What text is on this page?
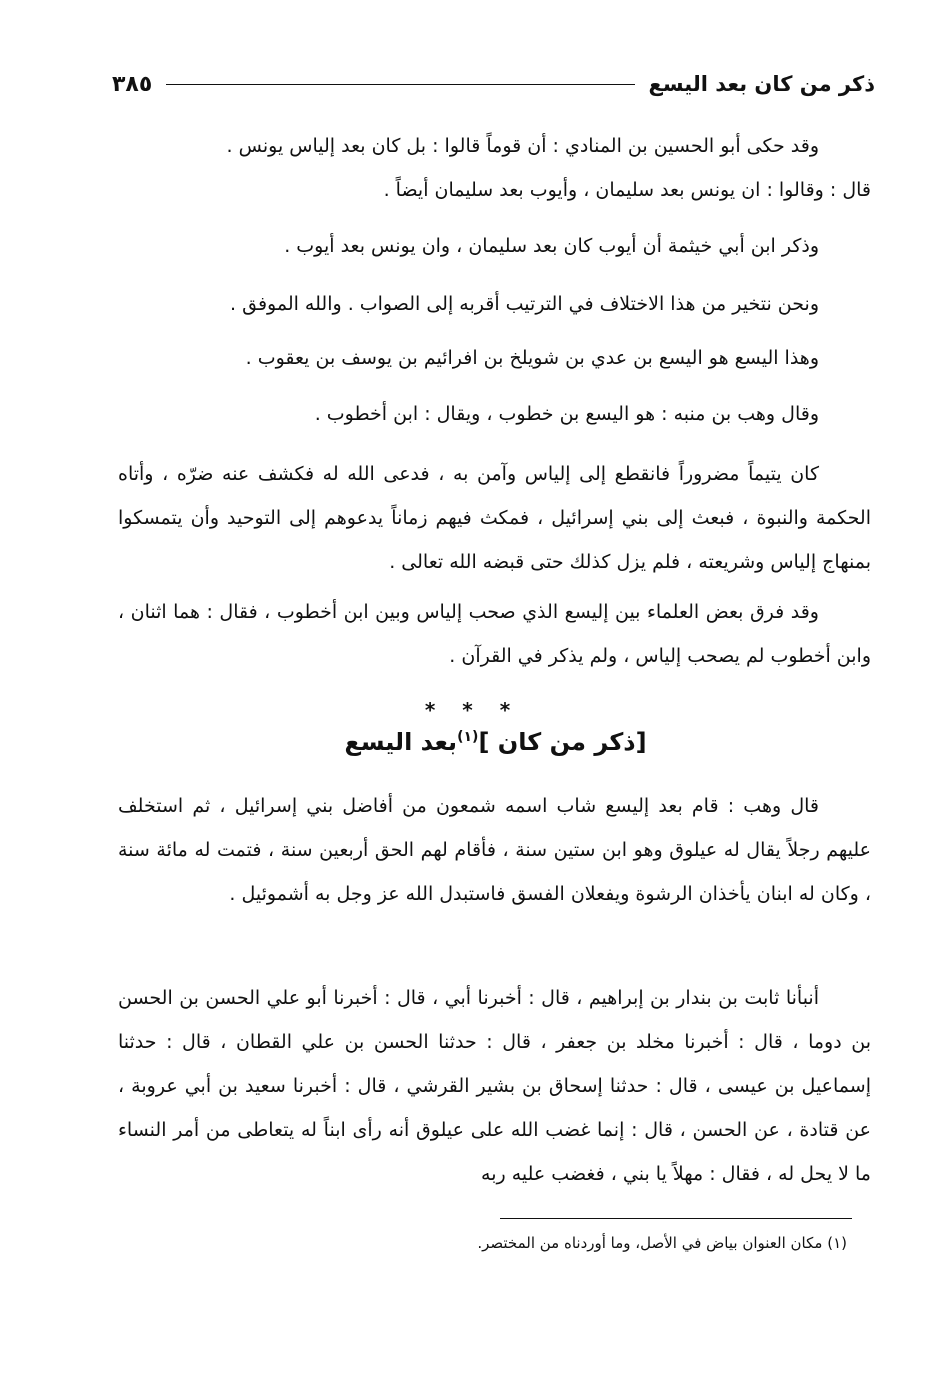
ذكر من كان بعد اليسع
٣٨٥

وقد حكى أبو الحسين بن المنادي : أن قوماً قالوا : بل كان بعد إلياس يونس .

قال : وقالوا : ان يونس بعد سليمان ، وأيوب بعد سليمان أيضاً .

وذكر ابن أبي خيثمة أن أيوب كان بعد سليمان ، وان يونس بعد أيوب .

ونحن نتخير من هذا الاختلاف في الترتيب أقربه إلى الصواب . والله الموفق .

وهذا اليسع هو اليسع بن عدي بن شويلخ بن افرائيم بن يوسف بن يعقوب .

وقال وهب بن منبه : هو اليسع بن خطوب ، ويقال : ابن أخطوب .

كان يتيماً مضروراً فانقطع إلى إلياس وآمن به ، فدعى الله له فكشف عنه ضرّه ، وأتاه الحكمة والنبوة ، فبعث إلى بني إسرائيل ، فمكث فيهم زماناً يدعوهم إلى التوحيد وأن يتمسكوا بمنهاج إلياس وشريعته ، فلم يزل كذلك حتى قبضه الله تعالى .

وقد فرق بعض العلماء بين إليسع الذي صحب إلياس وبين ابن أخطوب ، فقال : هما اثنان ، وابن أخطوب لم يصحب إلياس ، ولم يذكر في القرآن .

* * *
[ذكر من كان ]$^{(١)}$بعد اليسع

قال وهب : قام بعد إليسع شاب اسمه شمعون من أفاضل بني إسرائيل ، ثم استخلف عليهم رجلاً يقال له عيلوق وهو ابن ستين سنة ، فأقام لهم الحق أربعين سنة ، فتمت له مائة سنة ، وكان له ابنان يأخذان الرشوة ويفعلان الفسق فاستبدل الله عز وجل به أشموئيل .

أنبأنا ثابت بن بندار بن إبراهيم ، قال : أخبرنا أبي ، قال : أخبرنا أبو علي الحسن بن الحسن بن دوما ، قال : أخبرنا مخلد بن جعفر ، قال : حدثنا الحسن بن علي القطان ، قال : حدثنا إسماعيل بن عيسى ، قال : حدثنا إسحاق بن بشير القرشي ، قال : أخبرنا سعيد بن أبي عروبة ، عن قتادة ، عن الحسن ، قال : إنما غضب الله على عيلوق أنه رأى ابناً له يتعاطى من أمر النساء ما لا يحل له ، فقال : مهلاً يا بني ، فغضب عليه ربه

(١) مكان العنوان بياض في الأصل، وما أوردناه من المختصر.
